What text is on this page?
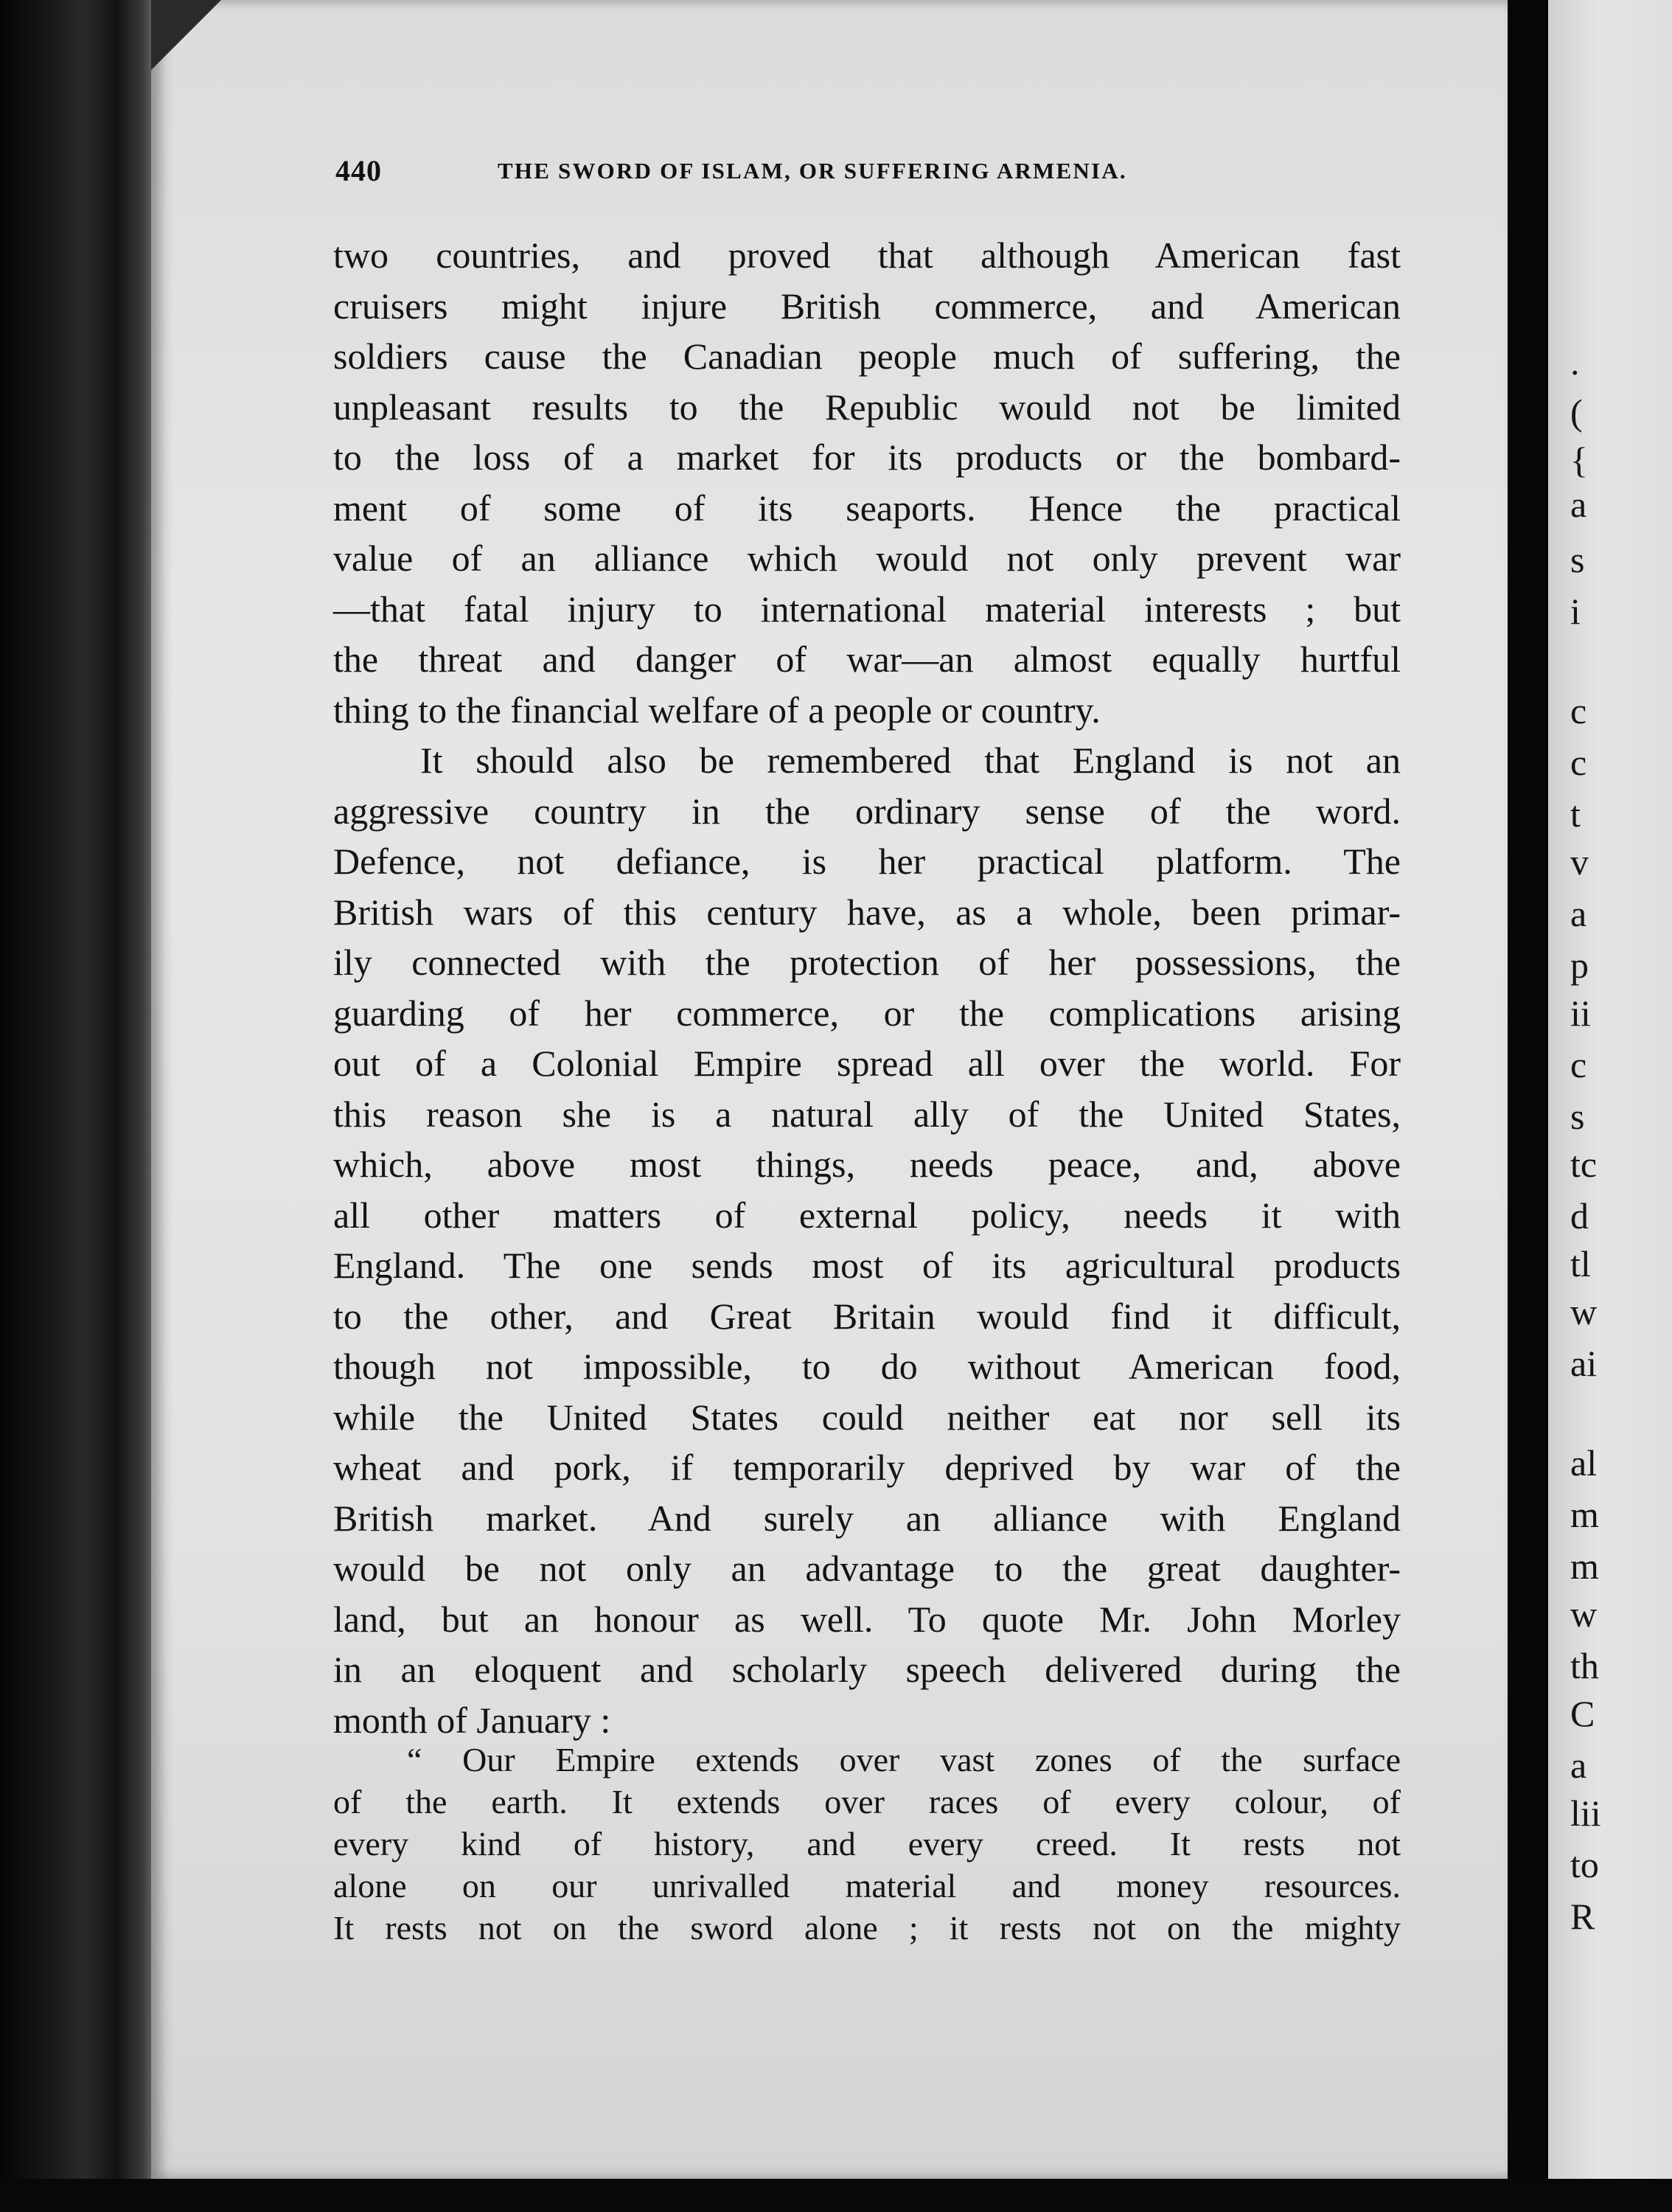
440	THE SWORD OF ISLAM, OR SUFFERING ARMENIA.
two countries, and proved that although American fast
cruisers might injure British commerce, and American
soldiers cause the Canadian people much of suffering, the
unpleasant results to the Republic would not be limited
to the loss of a market for its products or the bombard-
ment of some of its seaports. Hence the practical
value of an alliance which would not only prevent war
—that fatal injury to international material interests ; but
the threat and danger of war—an almost equally hurtful
thing to the financial welfare of a people or country.
It should also be remembered that England is not an
aggressive country in the ordinary sense of the word.
Defence, not defiance, is her practical platform. The
British wars of this century have, as a whole, been primar-
ily connected with the protection of her possessions, the
guarding of her commerce, or the complications arising
out of a Colonial Empire spread all over the world. For
this reason she is a natural ally of the United States,
which, above most things, needs peace, and, above
all other matters of external policy, needs it with
England. The one sends most of its agricultural products
to the other, and Great Britain would find it difficult,
though not impossible, to do without American food,
while the United States could neither eat nor sell its
wheat and pork, if temporarily deprived by war of the
British market. And surely an alliance with England
would be not only an advantage to the great daughter-
land, but an honour as well. To quote Mr. John Morley
in an eloquent and scholarly speech delivered during the
month of January :
“ Our Empire extends over vast zones of the surface
of the earth. It extends over races of every colour, of
every kind of history, and every creed. It rests not
alone on our unrivalled material and money resources.
It rests not on the sword alone ; it rests not on the mighty
.
(
{
a
s
i
c
c
t
v
a
p
ii
c
s
tc
d
tl
w
ai
al
m
m
w
th
C
a
lii
to
R
